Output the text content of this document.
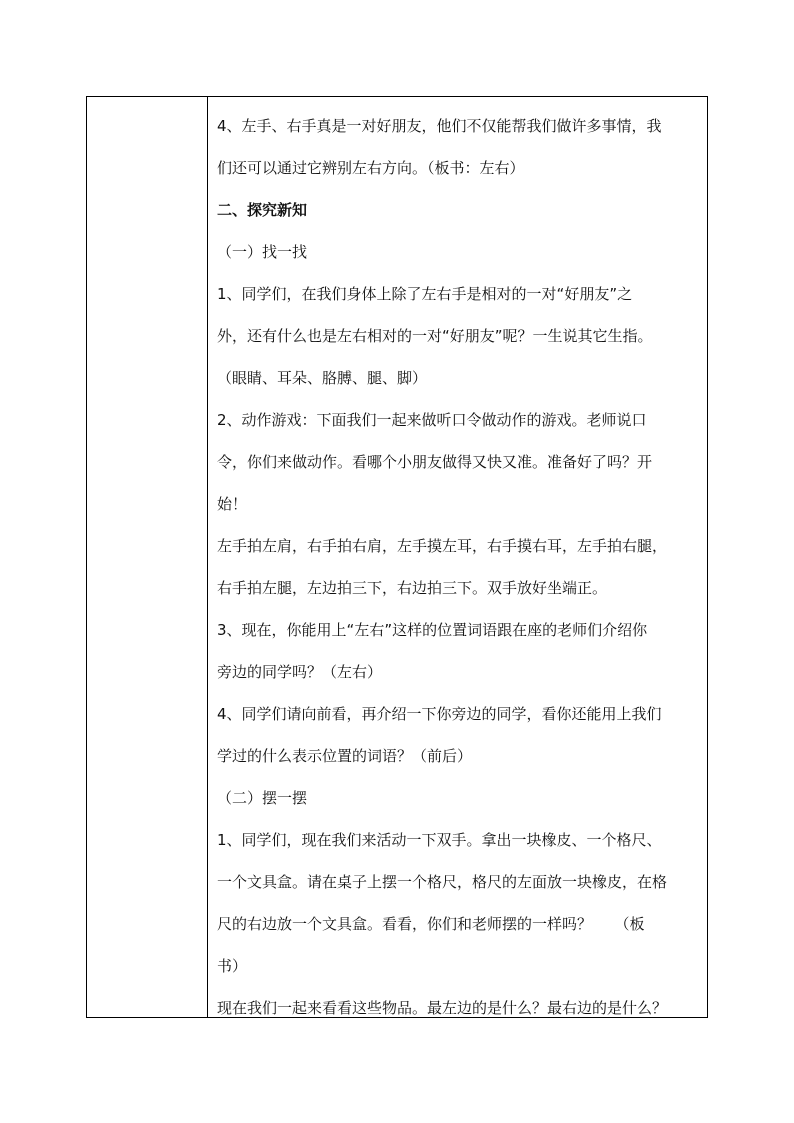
4、左手、右手真是一对好朋友，他们不仅能帮我们做许多事情，我
们还可以通过它辨别左右方向。（板书：左右）
二、探究新知
（一）找一找
1、同学们，在我们身体上除了左右手是相对的一对“好朋友”之
外，还有什么也是左右相对的一对“好朋友”呢？一生说其它生指。
（眼睛、耳朵、胳膊、腿、脚）
2、动作游戏：下面我们一起来做听口令做动作的游戏。老师说口
令，你们来做动作。看哪个小朋友做得又快又准。准备好了吗？开
始！
左手拍左肩，右手拍右肩，左手摸左耳，右手摸右耳，左手拍右腿，
右手拍左腿，左边拍三下，右边拍三下。双手放好坐端正。
3、现在，你能用上“左右”这样的位置词语跟在座的老师们介绍你
旁边的同学吗？（左右）
4、同学们请向前看，再介绍一下你旁边的同学，看你还能用上我们
学过的什么表示位置的词语？（前后）
（二）摆一摆
1、同学们，现在我们来活动一下双手。拿出一块橡皮、一个格尺、
一个文具盒。请在桌子上摆一个格尺，格尺的左面放一块橡皮，在格
尺的右边放一个文具盒。看看，你们和老师摆的一样吗？　　（板
书）
现在我们一起来看看这些物品。最左边的是什么？最右边的是什么？
